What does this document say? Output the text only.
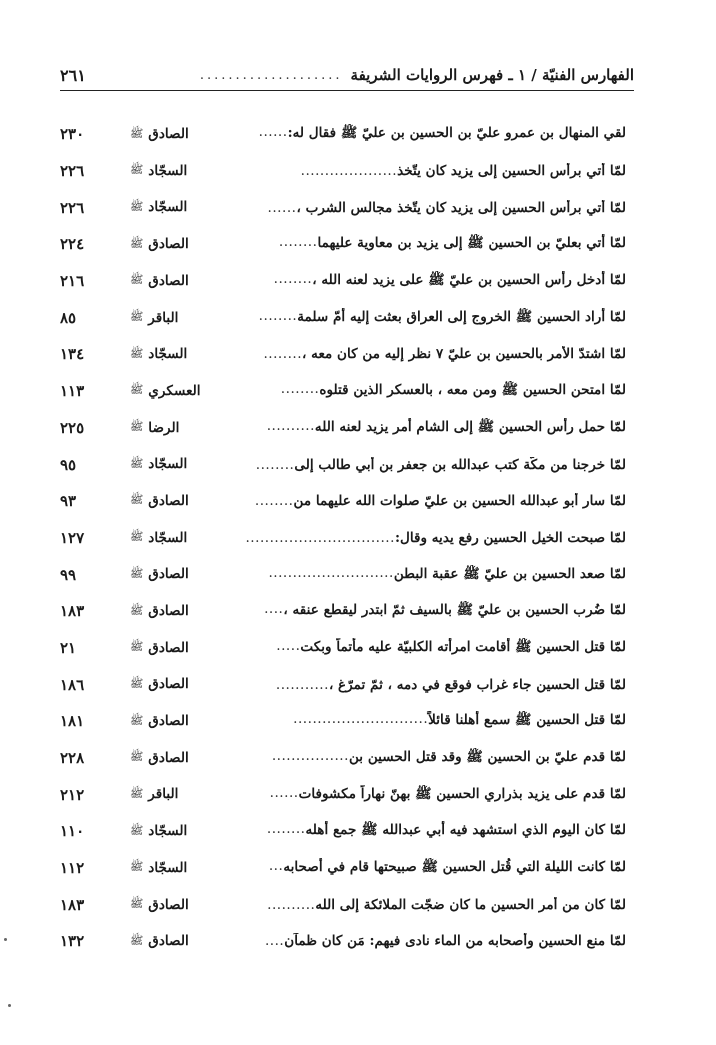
الفهارس الفنيّة / ١ ـ فهرس الروايات الشريفة
....................
٢٦١
لقي المنهال بن عمرو عليّ بن الحسين بن عليّ ﷺ فقال له:
......
الصادقﷺ
٢٣٠
لمّا أُتي برأس الحسين إلى يزيد كان يتّخذ
....................
السجّادﷺ
٢٢٦
لمّا أُتي برأس الحسين إلى يزيد كان يتّخذ مجالس الشرب ،
......
السجّادﷺ
٢٢٦
لمّا أُتي بعليّ بن الحسين ﷺ إلى يزيد بن معاوية عليهما
........
الصادقﷺ
٢٢٤
لمّا أدخل رأس الحسين بن عليّ ﷺ على يزيد لعنه الله ،
........
الصادقﷺ
٢١٦
لمّا أراد الحسين ﷺ الخروج إلى العراق بعثت إليه أُمّ سلمة
........
الباقرﷺ
٨٥
لمّا اشتدّ الأمر بالحسين بن عليّ ٧ نظر إليه من كان معه ،
........
السجّادﷺ
١٣٤
لمّا امتحن الحسين ﷺ ومن معه ، بالعسكر الذين قتلوه
........
العسكريﷺ
١١٣
لمّا حمل رأس الحسين ﷺ إلى الشام أمر يزيد لعنه الله
..........
الرضاﷺ
٢٢٥
لمّا خرجنا من مكّة كتب عبدالله بن جعفر بن أبي طالب إلى
........
السجّادﷺ
٩٥
لمّا سار أبو عبدالله الحسين بن عليّ صلوات الله عليهما من
........
الصادقﷺ
٩٣
لمّا صبحت الخيل الحسين رفع يديه وقال:
...............................
السجّادﷺ
١٢٧
لمّا صعد الحسين بن عليّ ﷺ عقبة البطن
..........................
الصادقﷺ
٩٩
لمّا ضُرب الحسين بن عليّ ﷺ بالسيف ثمّ ابتدر ليقطع عنقه ،
....
الصادقﷺ
١٨٣
لمّا قتل الحسين ﷺ أقامت امرأته الكلبيّة عليه مأتماً وبكت
.....
الصادقﷺ
٢١
لمّا قتل الحسين جاء غراب فوقع في دمه ، ثمّ تمرّغ ،
...........
الصادقﷺ
١٨٦
لمّا قتل الحسين ﷺ سمع أهلنا قائلاً
............................
الصادقﷺ
١٨١
لمّا قدم عليّ بن الحسين ﷺ وقد قتل الحسين بن
................
الصادقﷺ
٢٢٨
لمّا قدم على يزيد بذراري الحسين ﷺ بهنّ نهاراً مكشوفات
......
الباقرﷺ
٢١٢
لمّا كان اليوم الذي استشهد فيه أبي عبدالله ﷺ جمع أهله
........
السجّادﷺ
١١٠
لمّا كانت الليلة التي قُتل الحسين ﷺ صبيحتها قام في أصحابه
...
السجّادﷺ
١١٢
لمّا كان من أمر الحسين ما كان ضجّت الملائكة إلى الله
..........
الصادقﷺ
١٨٣
لمّا منع الحسين وأصحابه من الماء نادى فيهم: مَن كان ظمآن
....
الصادقﷺ
١٣٢
